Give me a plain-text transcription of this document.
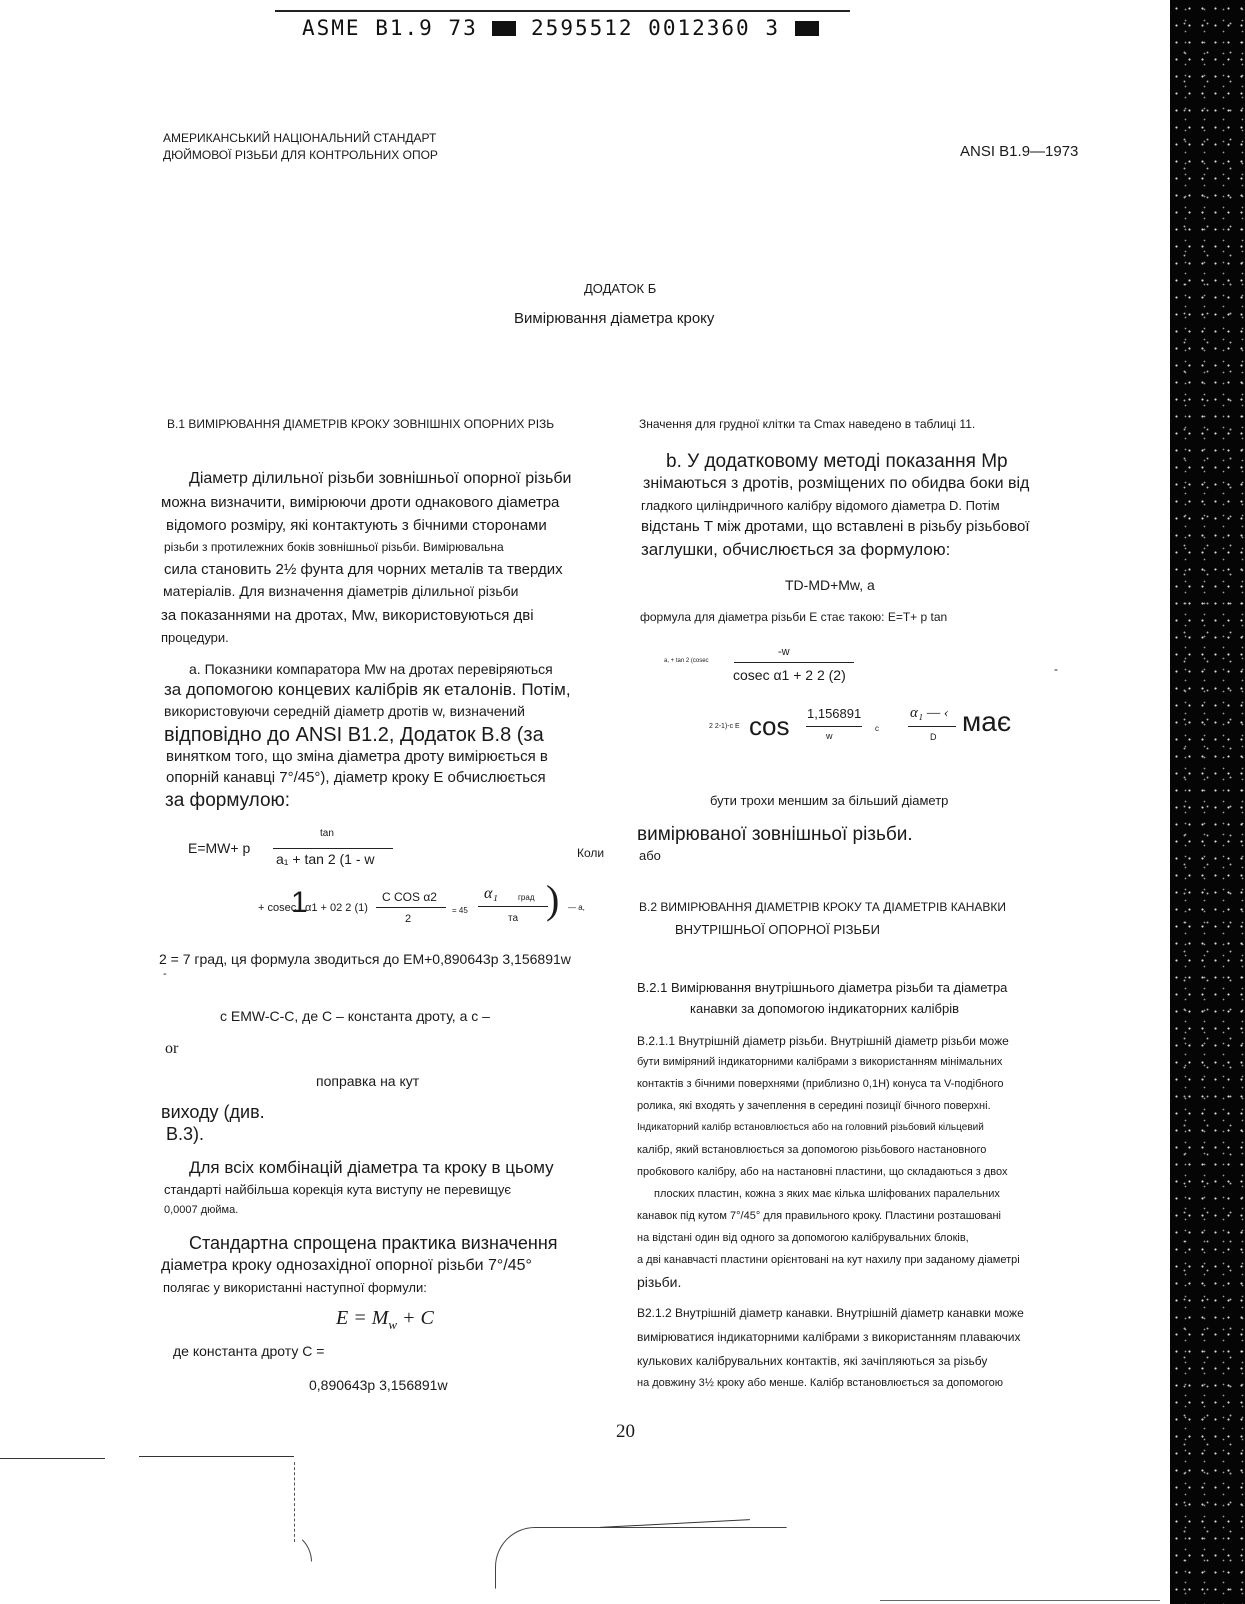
ASME B1.9 73	2595512 0012360 3
АМЕРИКАНСЬКИЙ НАЦІОНАЛЬНИЙ СТАНДАРТ
ДЮЙМОВОЇ РІЗЬБИ ДЛЯ КОНТРОЛЬНИХ ОПОР	ANSI B1.9—1973
ДОДАТОК Б
Вимірювання діаметра кроку
B.1 ВИМІРЮВАННЯ ДІАМЕТРІВ КРОКУ ЗОВНІШНІХ ОПОРНИХ РІЗЬ
Діаметр ділильної різьби зовнішньої опорної різьби
можна визначити, вимірюючи дроти однакового діаметра
відомого розміру, які контактують з бічними сторонами
різьби з протилежних боків зовнішньої різьби. Вимірювальна
сила становить 2½ фунта для чорних металів та твердих
матеріалів. Для визначення діаметрів ділильної різьби
за показаннями на дротах, Mw, використовуються дві
процедури.
а. Показники компаратора Mw на дротах перевіряються
за допомогою концевих калібрів як еталонів. Потім,
використовуючи середній діаметр дротів w, визначений
відповідно до ANSI B1.2, Додаток B.8 (за
винятком того, що зміна діаметра дроту вимірюється в
опорній канавці 7°/45°), діаметр кроку E обчислюється
за формулою:
E=MW+ p
tan
a₁ + tan 2 (1 - w	Коли
+ cosec
1
α1 + 02 2 (1)
C COS α2
2
= 45
α₁	град
та ) — a,
2 = 7 град, ця формула зводиться до EM+0,890643p 3,156891w
-
с EMW-C-C, де С – константа дроту, а с –
or
поправка на кут
виходу (див.
B.3).
Для всіх комбінацій діаметра та кроку в цьому
стандарті найбільша корекція кута виступу не перевищує
0,0007 дюйма.
Стандартна спрощена практика визначення
діаметра кроку однозахідної опорної різьби 7°/45°
полягає у використанні наступної формули:
$E = M_w + C$
де константа дроту С =
0,890643p 3,156891w
Значення для грудної клітки та Cmax наведено в таблиці 11.
b. У додатковому методі показання Mp
знімаються з дротів, розміщених по обидва боки від
гладкого циліндричного калібру відомого діаметра D. Потім
відстань T між дротами, що вставлені в різьбу різьбової
заглушки, обчислюється за формулою:
TD-MD+Mw, a
формула для діаметра різьби E стає такою: E=T+ p tan
a, + tan 2 (cosec
-w
cosec α1 + 2 2 (2)	-
2 2-1)-c E cos 1,156891
w
c
α₁ — ‹
D має
бути трохи меншим за більший діаметр
вимірюваної зовнішньої різьби.
або
B.2 ВИМІРЮВАННЯ ДІАМЕТРІВ КРОКУ ТА ДІАМЕТРІВ КАНАВКИ
ВНУТРІШНЬОЇ ОПОРНОЇ РІЗЬБИ
B.2.1 Вимірювання внутрішнього діаметра різьби та діаметра
канавки за допомогою індикаторних калібрів
B.2.1.1 Внутрішній діаметр різьби. Внутрішній діаметр різьби може
бути виміряний індикаторними калібрами з використанням мінімальних
контактів з бічними поверхнями (приблизно 0,1H) конуса та V-подібного
ролика, які входять у зачеплення в середині позиції бічного поверхні.
Індикаторний калібр встановлюється або на головний різьбовий кільцевий
калібр, який встановлюється за допомогою різьбового настановного
пробкового калібру, або на настановні пластини, що складаються з двох
плоских пластин, кожна з яких має кілька шліфованих паралельних
канавок під кутом 7°/45° для правильного кроку. Пластини розташовані
на відстані один від одного за допомогою калібрувальних блоків,
а дві канавчасті пластини орієнтовані на кут нахилу при заданому діаметрі
різьби.
B2.1.2 Внутрішній діаметр канавки. Внутрішній діаметр канавки може
вимірюватися індикаторними калібрами з використанням плаваючих
кулькових калібрувальних контактів, які зачіпляються за різьбу
на довжину 3½ кроку або менше. Калібр встановлюється за допомогою
20
